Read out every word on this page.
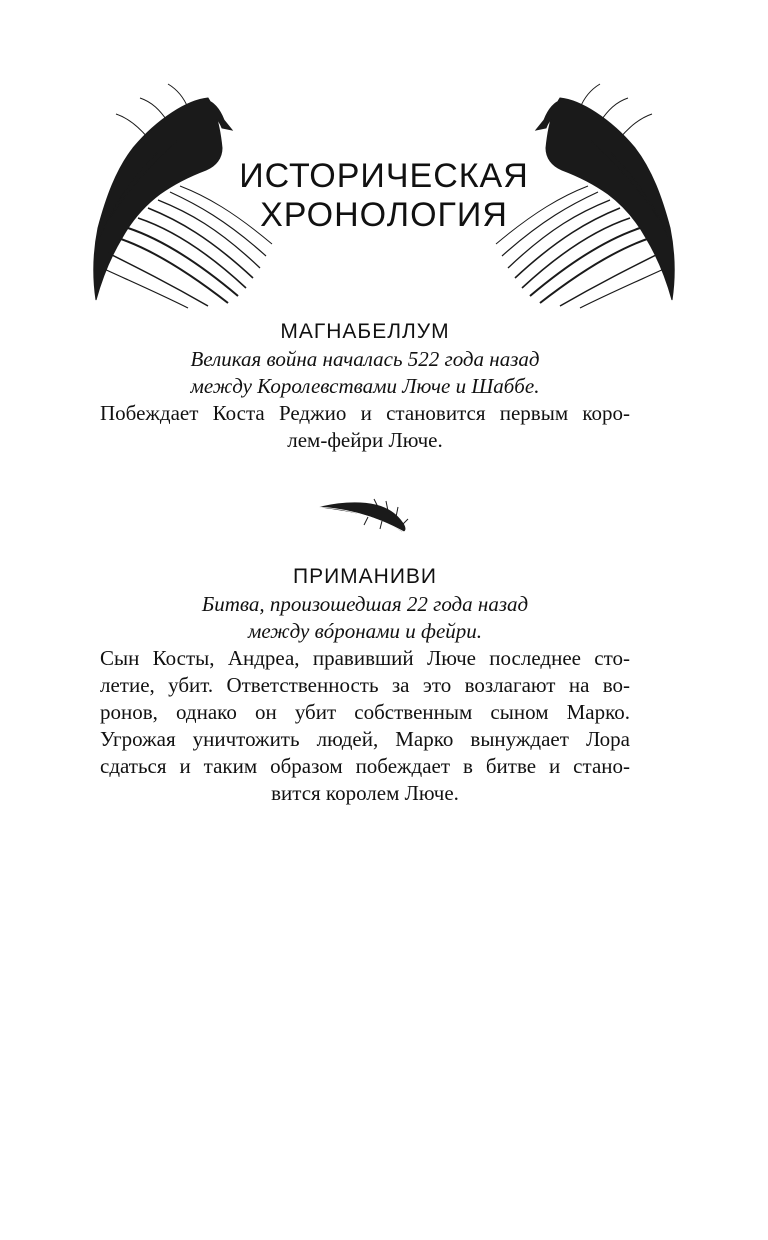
ИСТОРИЧЕСКАЯ
ХРОНОЛОГИЯ

МАГНАБЕЛЛУМ

Великая война началась 522 года назад

между Королевствами Люче и Шаббе.

Побеждает Коста Реджио и становится первым коро-

лем-фейри Люче.

ПРИМАНИВИ

Битва, произошедшая 22 года назад

между вóронами и фейри.

Сын Косты, Андреа, правивший Люче последнее сто-

летие, убит. Ответственность за это возлагают на во-

ронов, однако он убит собственным сыном Марко.

Угрожая уничтожить людей, Марко вынуждает Лора

сдаться и таким образом побеждает в битве и стано-

вится королем Люче.
